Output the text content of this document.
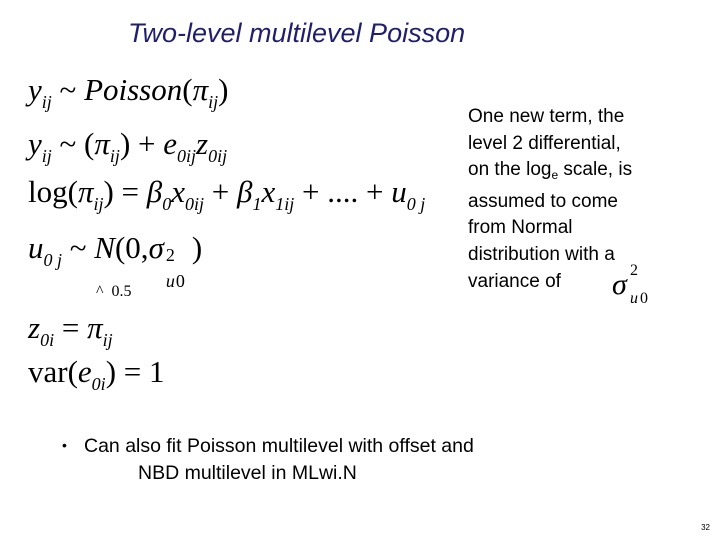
Two-level multilevel Poisson
$y_{ij}$ ~ $Poisson(\pi_{ij})$
$y_{ij}$ ~ $(\pi_{ij}) + e_{0ij}z_{0ij}$
$\log(\pi_{ij}) = \beta_0x_{0ij} + \beta_1x_{1ij}$ + .... + $u_{0 j}$
$u_{0 j}$ ~ N(0,σ 2
u 0
)
^  0.5
$z_{0i} = \pi_{ij}$
$var(e_{0i}) = 1$
One new term, the
level 2 differential,
on the $\log_e$ scale, is
assumed to come
from Normal
distribution with a
variance of	σ 2
u 0
• Can also fit Poisson multilevel with offset and
NBD multilevel in MLwi.N
32
